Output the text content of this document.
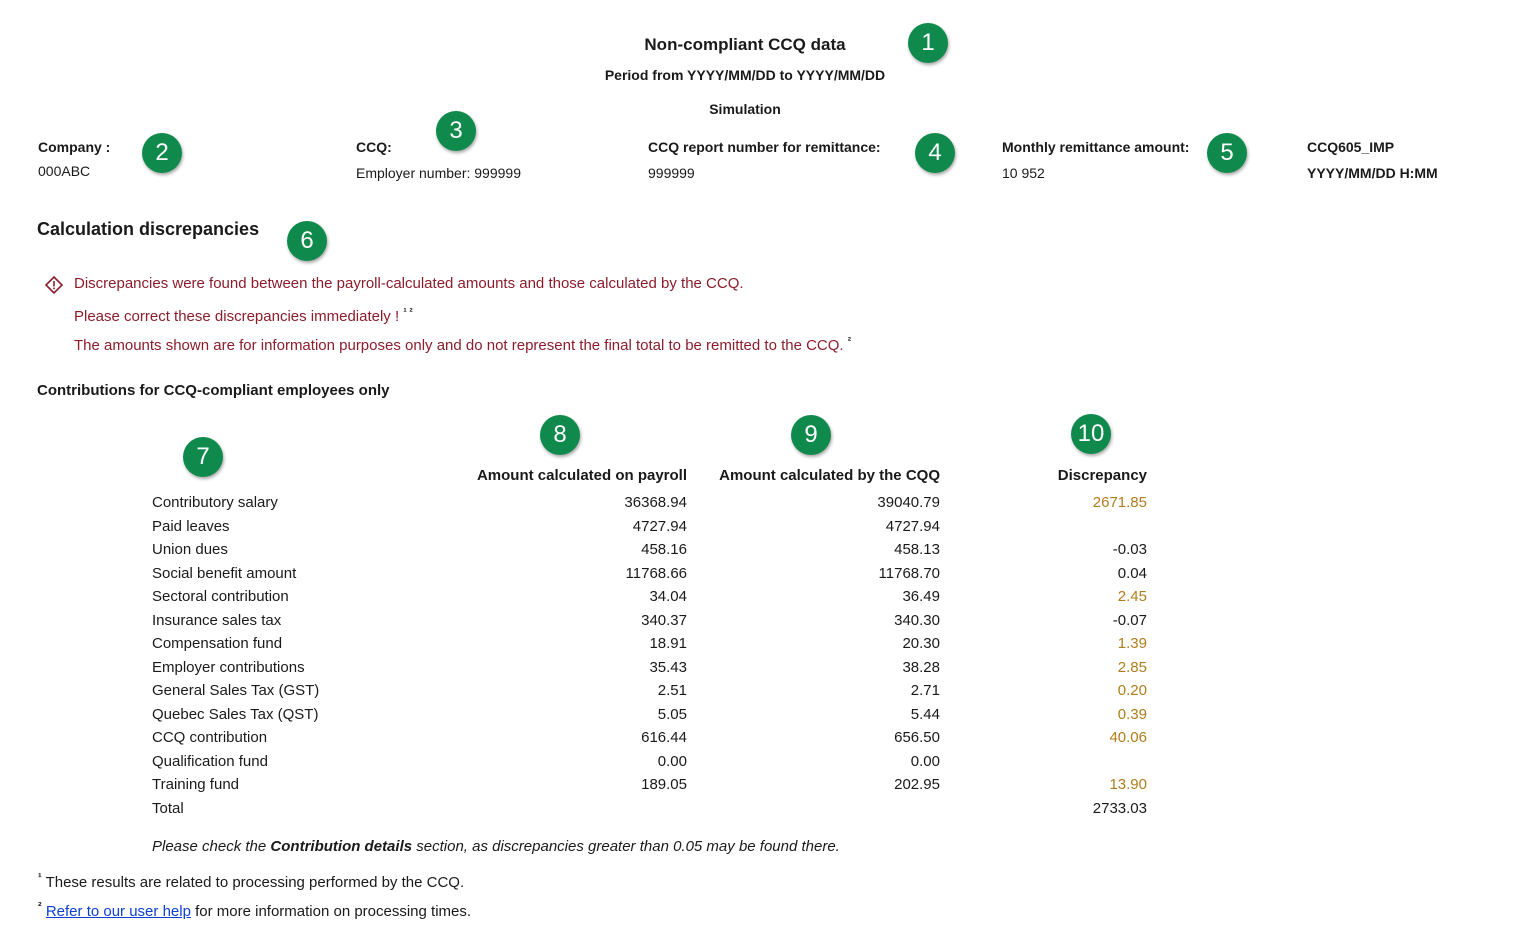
Non-compliant CCQ data
Period from YYYY/MM/DD to YYYY/MM/DD
Simulation
Company :
000ABC
CCQ:
Employer number: 999999
CCQ report number for remittance:
999999
Monthly remittance amount:
10 952
CCQ605_IMP
YYYY/MM/DD H:MM
1
2
3
4	5
6
7
8	9	10
Calculation discrepancies
Discrepancies were found between the payroll-calculated amounts and those calculated by the CCQ.
Please correct these discrepancies immediately ! $^{^1 ^2}$
The amounts shown are for information purposes only and do not represent the final total to be remitted to the CCQ. $^{^2}$
Contributions for CCQ-compliant employees only
	Amount calculated on payroll	Amount calculated by the CQQ	Discrepancy
Contributory salary	36368.94	39040.79	2671.85
Paid leaves	4727.94	4727.94	
Union dues	458.16	458.13	-0.03
Social benefit amount	11768.66	11768.70	0.04
Sectoral contribution	34.04	36.49	2.45
Insurance sales tax	340.37	340.30	-0.07
Compensation fund	18.91	20.30	1.39
Employer contributions	35.43	38.28	2.85
General Sales Tax (GST)	2.51	2.71	0.20
Quebec Sales Tax (QST)	5.05	5.44	0.39
CCQ contribution	616.44	656.50	40.06
Qualification fund	0.00	0.00	
Training fund	189.05	202.95	13.90
Total			2733.03
Please check the Contribution details section, as discrepancies greater than 0.05 may be found there.
$^{^1}$ These results are related to processing performed by the CCQ.
$^{^2}$ Refer to our user help for more information on processing times.
